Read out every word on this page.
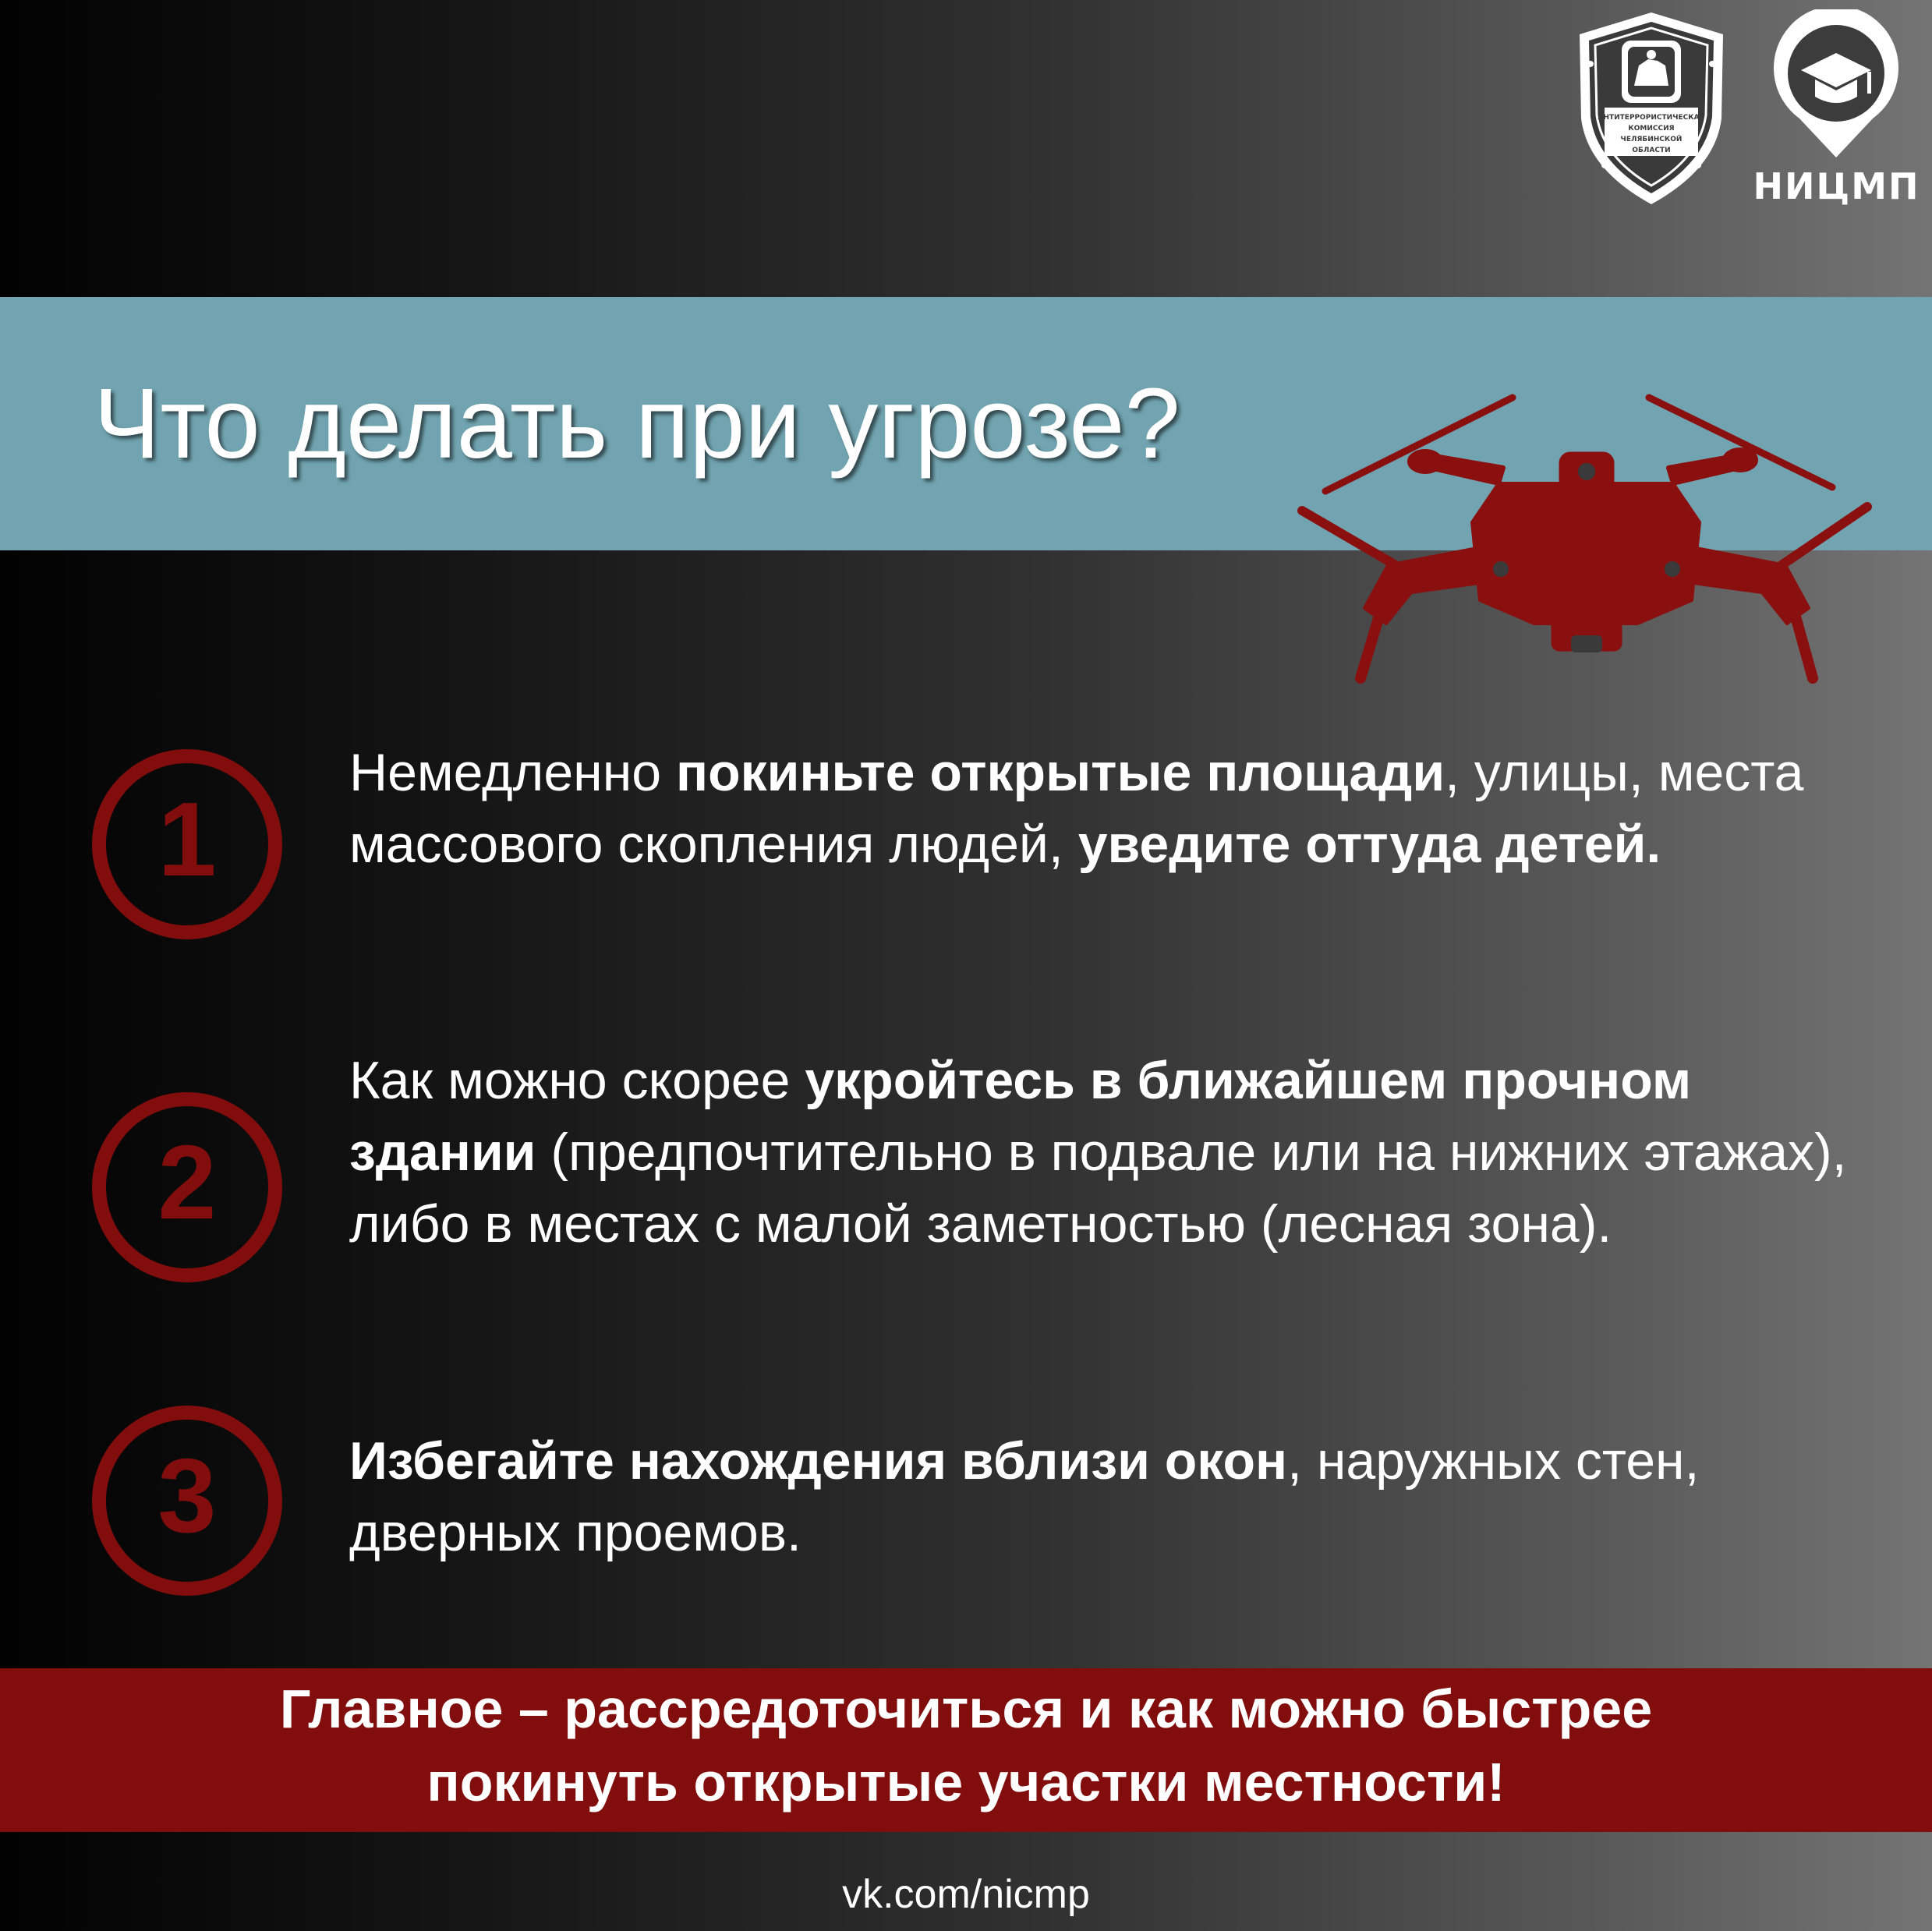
АНТИТЕРРОРИСТИЧЕСКАЯ
КОМИССИЯ
ЧЕЛЯБИНСКОЙ
ОБЛАСТИ
НИЦМП
Что делать при угрозе?
1

Немедленно покиньте открытые площади, улицы, места массового скопления людей, уведите оттуда детей.

2

Как можно скорее укройтесь в ближайшем прочном здании (предпочтительно в подвале или на нижних этажах), либо в местах с малой заметностью (лесная зона).

3	Избегайте нахождения вблизи окон, наружных стен, дверных проемов.

Главное – рассредоточиться и как можно быстрее

покинуть открытые участки местности!

vk.com/nicmp
